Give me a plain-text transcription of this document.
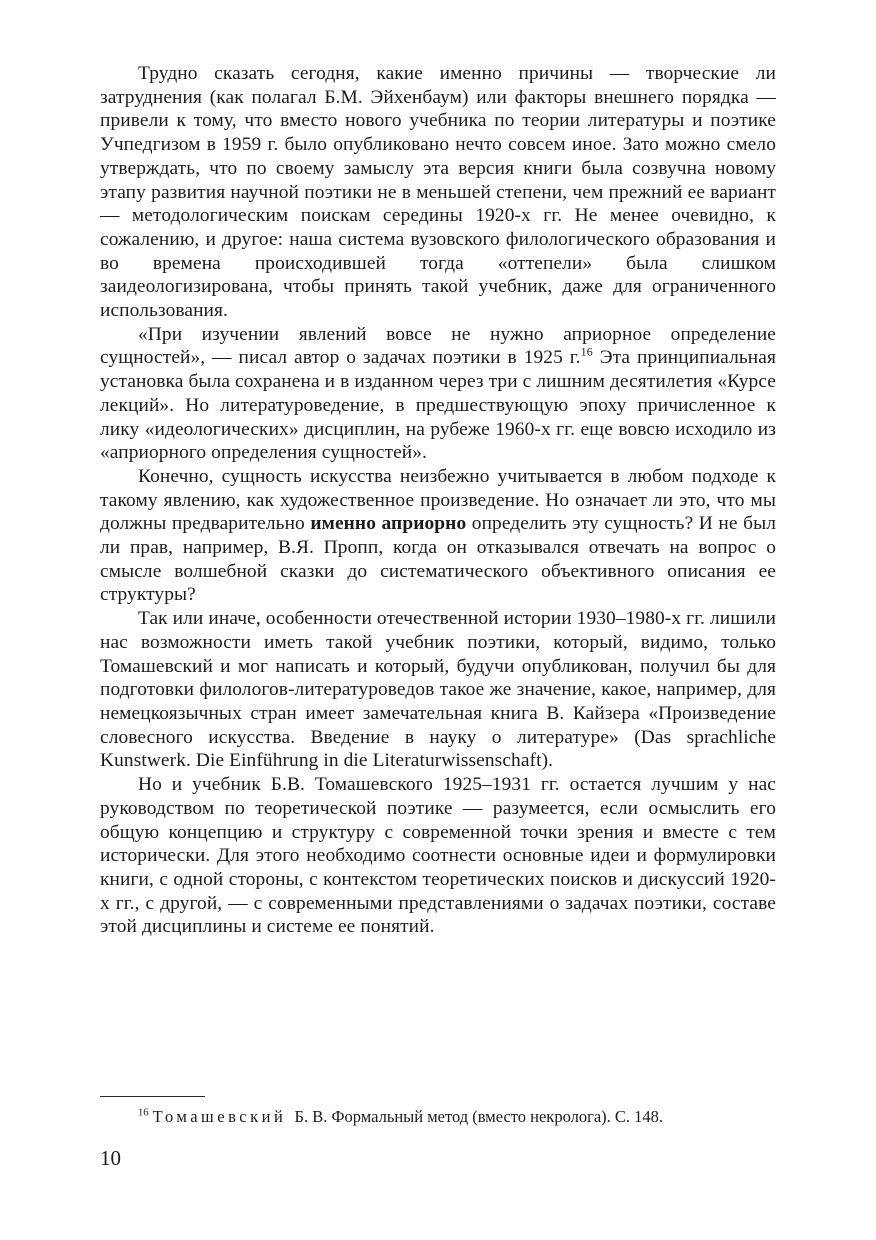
Трудно сказать сегодня, какие именно причины — творческие ли затруднения (как полагал Б.М. Эйхенбаум) или факторы внешнего порядка — привели к тому, что вместо нового учебника по теории литературы и поэтике Учпедгизом в 1959 г. было опубликовано нечто совсем иное. Зато можно смело утверждать, что по своему замыслу эта версия книги была созвучна новому этапу развития научной поэтики не в меньшей степени, чем прежний ее вариант — методологическим поискам середины 1920-х гг. Не менее очевидно, к сожалению, и другое: наша система вузовского филологического образования и во времена происходившей тогда «оттепели» была слишком заидеологизирована, чтобы принять такой учебник, даже для ограниченного использования.

«При изучении явлений вовсе не нужно априорное определение сущностей», — писал автор о задачах поэтики в 1925 г.$^{16}$ Эта принципиальная установка была сохранена и в изданном через три с лишним десятилетия «Курсе лекций». Но литературоведение, в предшествующую эпоху причисленное к лику «идеологических» дисциплин, на рубеже 1960-х гг. еще вовсю исходило из «априорного определения сущностей».

Конечно, сущность искусства неизбежно учитывается в любом подходе к такому явлению, как художественное произведение. Но означает ли это, что мы должны предварительно именно априорно определить эту сущность? И не был ли прав, например, В.Я. Пропп, когда он отказывался отвечать на вопрос о смысле волшебной сказки до систематического объективного описания ее структуры?

Так или иначе, особенности отечественной истории 1930–1980-х гг. лишили нас возможности иметь такой учебник поэтики, который, видимо, только Томашевский и мог написать и который, будучи опубликован, получил бы для подготовки филологов-литературоведов такое же значение, какое, например, для немецкоязычных стран имеет замечательная книга В. Кайзера «Произведение словесного искусства. Введение в науку о литературе» (Das sprachliche Kunstwerk. Die Einführung in die Literaturwissenschaft).

Но и учебник Б.В. Томашевского 1925–1931 гг. остается лучшим у нас руководством по теоретической поэтике — разумеется, если осмыслить его общую концепцию и структуру с современной точки зрения и вместе с тем исторически. Для этого необходимо соотнести основные идеи и формулировки книги, с одной стороны, с контекстом теоретических поисков и дискуссий 1920-х гг., с другой, — с современными представлениями о задачах поэтики, составе этой дисциплины и системе ее понятий.

$^{16}$ Томашевский Б. В. Формальный метод (вместо некролога). С. 148.

10
